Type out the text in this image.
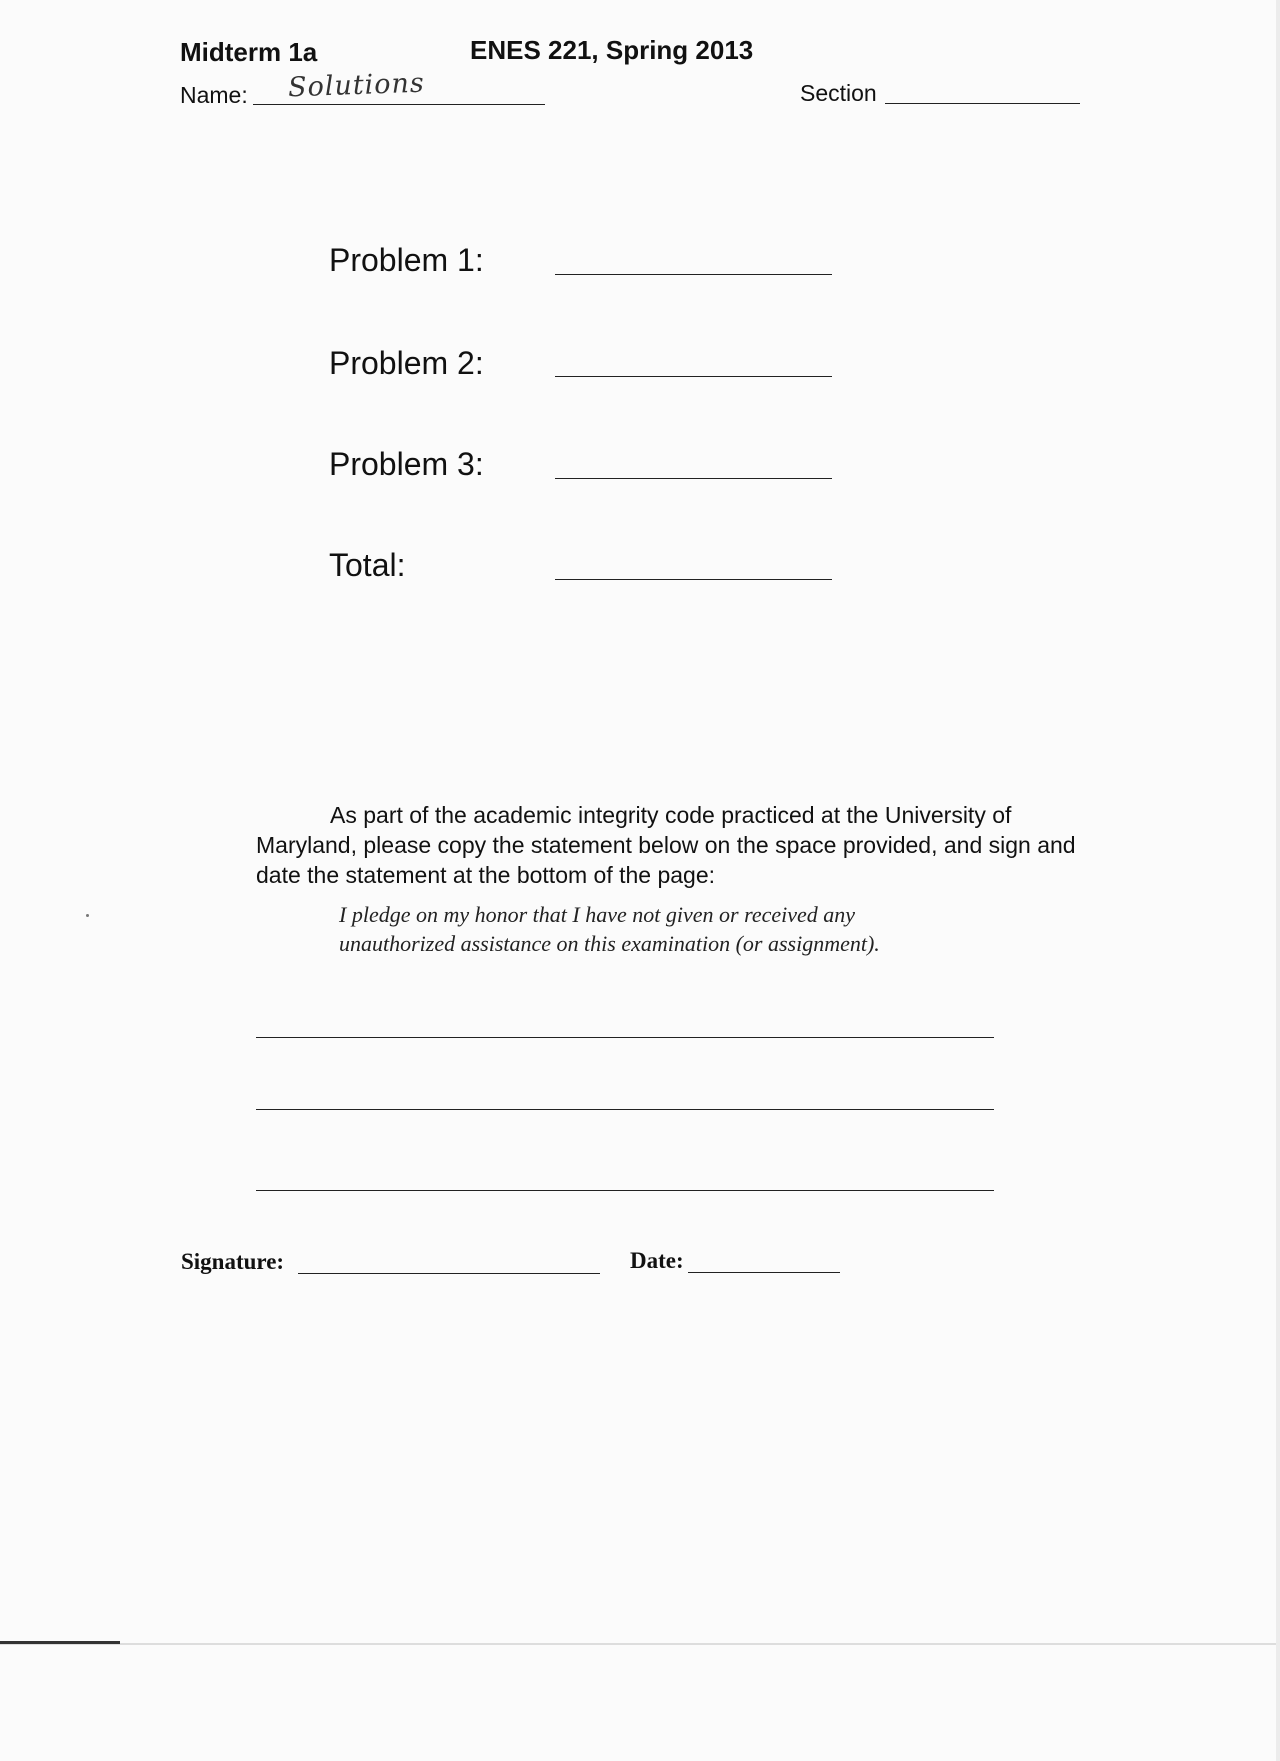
Midterm 1a	ENES 221, Spring 2013
Name: Solutions	Section
Problem 1:
Problem 2:
Problem 3:
Total:
As part of the academic integrity code practiced at the University of Maryland, please copy the statement below on the space provided, and sign and date the statement at the bottom of the page:
I pledge on my honor that I have not given or received any
unauthorized assistance on this examination (or assignment).
Signature:	Date:
